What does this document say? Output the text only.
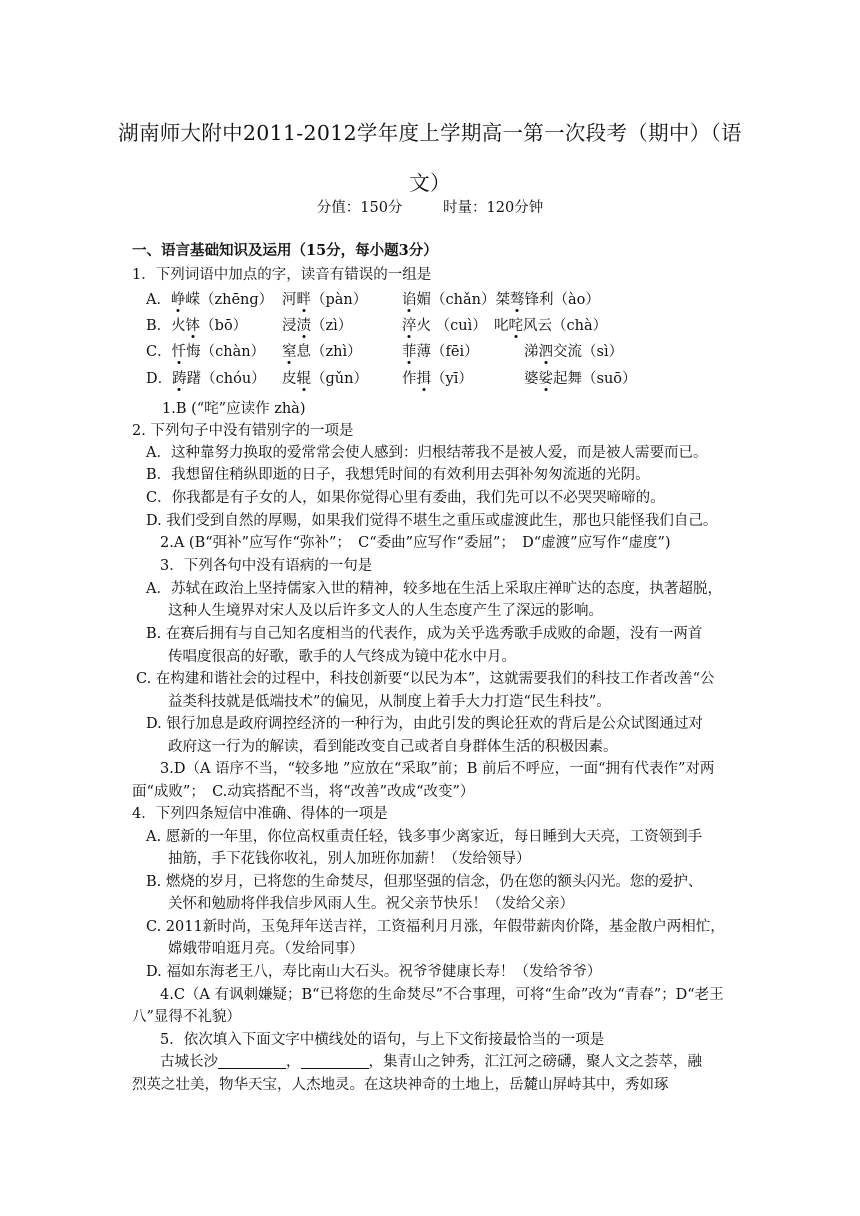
湖南师大附中2011-2012学年度上学期高一第一次段考（期中）（语
文）
分值：150分	时量：120分钟
一、语言基础知识及运用（15分，每小题3分）
1．下列词语中加点的字，读音有错误的一组是
A．峥嵘（zhēnɡ） 河畔（pàn） 谄媚（chǎn）桀骜锋利（ào）
B．火钵（bō） 浸渍（zì）	淬火 （cuì） 叱咤风云（chà）
C．忏悔（chàn） 窒息（zhì）	菲薄（fēi）	涕泗交流（sì）
D．踌躇（chóu） 皮辊（ɡǔn） 作揖（yī）	婆娑起舞（suō）
1.B (“咤”应读作 zhà)
2. 下列句子中没有错别字的一项是
A．这种靠努力换取的爱常常会使人感到：归根结蒂我不是被人爱，而是被人需要而已。
B．我想留住稍纵即逝的日子，我想凭时间的有效利用去弭补匆匆流逝的光阴。
C．你我都是有子女的人，如果你觉得心里有委曲，我们先可以不必哭哭啼啼的。
D. 我们受到自然的厚赐，如果我们觉得不堪生之重压或虚渡此生，那也只能怪我们自己。
2.A (B“弭补”应写作“弥补”；　C“委曲”应写作“委屈”；　D“虚渡”应写作“虚度”)
3．下列各句中没有语病的一句是
A．苏轼在政治上坚持儒家入世的精神，较多地在生活上采取庄禅旷达的态度，执著超脱，
这种人生境界对宋人及以后许多文人的人生态度产生了深远的影响。
B. 在赛后拥有与自己知名度相当的代表作，成为关乎选秀歌手成败的命题，没有一两首
传唱度很高的好歌，歌手的人气终成为镜中花水中月。
C. 在构建和谐社会的过程中，科技创新要“以民为本”，这就需要我们的科技工作者改善“公
益类科技就是低端技术”的偏见，从制度上着手大力打造“民生科技”。
D. 银行加息是政府调控经济的一种行为，由此引发的舆论狂欢的背后是公众试图通过对
政府这一行为的解读，看到能改变自己或者自身群体生活的积极因素。
3.D（A 语序不当，“较多地 ”应放在“采取”前；B 前后不呼应，一面“拥有代表作”对两
面“成败”；　C.动宾搭配不当，将“改善”改成“改变”）
4．下列四条短信中准确、得体的一项是
A. 愿新的一年里，你位高权重责任轻，钱多事少离家近，每日睡到大天亮，工资领到手
抽筋，手下花钱你收礼，别人加班你加薪！（发给领导）
B. 燃烧的岁月，已将您的生命焚尽，但那坚强的信念，仍在您的额头闪光。您的爱护、
关怀和勉励将伴我信步风雨人生。祝父亲节快乐！（发给父亲）
C. 2011新时尚，玉兔拜年送吉祥，工资福利月月涨，年假带薪肉价降，基金散户两相忙，
嫦娥带咱逛月亮。（发给同事）
D. 福如东海老王八，寿比南山大石头。祝爷爷健康长寿！（发给爷爷）
4.C（A 有讽刺嫌疑；B“已将您的生命焚尽”不合事理，可将“生命”改为“青春”；D“老王
八”显得不礼貌）
5．依次填入下面文字中横线处的语句，与上下文衔接最恰当的一项是
古城长沙	，	，集青山之钟秀，汇江河之磅礴，聚人文之荟萃，融
烈英之壮美，物华天宝，人杰地灵。在这块神奇的土地上，岳麓山屏峙其中，秀如琢
